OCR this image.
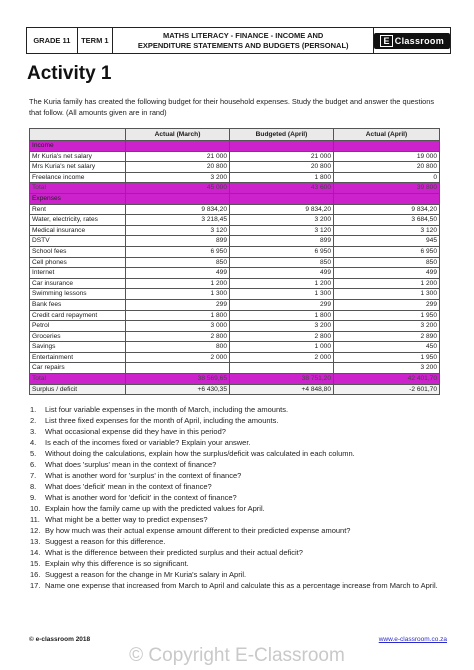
GRADE 11	TERM 1
MATHS LITERACY - FINANCE - INCOME AND
EXPENDITURE STATEMENTS AND BUDGETS (PERSONAL)	E Classroom
Activity 1
The Kuria family has created the following budget for their household expenses. Study the budget and answer the questions that follow. (All amounts given are in rand)
	Actual (March)	Budgeted (April)	Actual (April)
Income			
Mr Kuria's net salary	21 000	21 000	19 000
Mrs Kuria's net salary	20 800	20 800	20 800
Freelance income	3 200	1 800	0
Total	45 000	43 600	39 800
Expenses			
Rent	9 834,20	9 834,20	9 834,20
Water, electricity, rates	3 218,45	3 200	3 684,50
Medical insurance	3 120	3 120	3 120
DSTV	899	899	945
School fees	6 950	6 950	6 950
Cell phones	850	850	850
Internet	499	499	499
Car insurance	1 200	1 200	1 200
Swimming lessons	1 300	1 300	1 300
Bank fees	299	299	299
Credit card repayment	1 800	1 800	1 950
Petrol	3 000	3 200	3 200
Groceries	2 800	2 800	2 890
Savings	800	1 000	450
Entertainment	2 000	2 000	1 950
Car repairs			3 200
Total	38 569,65	38 751,20	42 401,70
Surplus / deficit	+6 430,35	+4 848,80	-2 601,70
1. List four variable expenses in the month of March, including the amounts.
2. List three fixed expenses for the month of April, including the amounts.
3. What occasional expense did they have in this period?
4. Is each of the incomes fixed or variable? Explain your answer.
5. Without doing the calculations, explain how the surplus/deficit was calculated in each column.
6. What does 'surplus' mean in the context of finance?
7. What is another word for 'surplus' in the context of finance?
8. What does 'deficit' mean in the context of finance?
9. What is another word for 'deficit' in the context of finance?
10. Explain how the family came up with the predicted values for April.
11. What might be a better way to predict expenses?
12. By how much was their actual expense amount different to their predicted expense amount?
13. Suggest a reason for this difference.
14. What is the difference between their predicted surplus and their actual deficit?
15. Explain why this difference is so significant.
16. Suggest a reason for the change in Mr Kuria's salary in April.
17. Name one expense that increased from March to April and calculate this as a percentage increase from March to April.
© e-classroom 2018	www.e-classroom.co.za
© Copyright E-Classroom
